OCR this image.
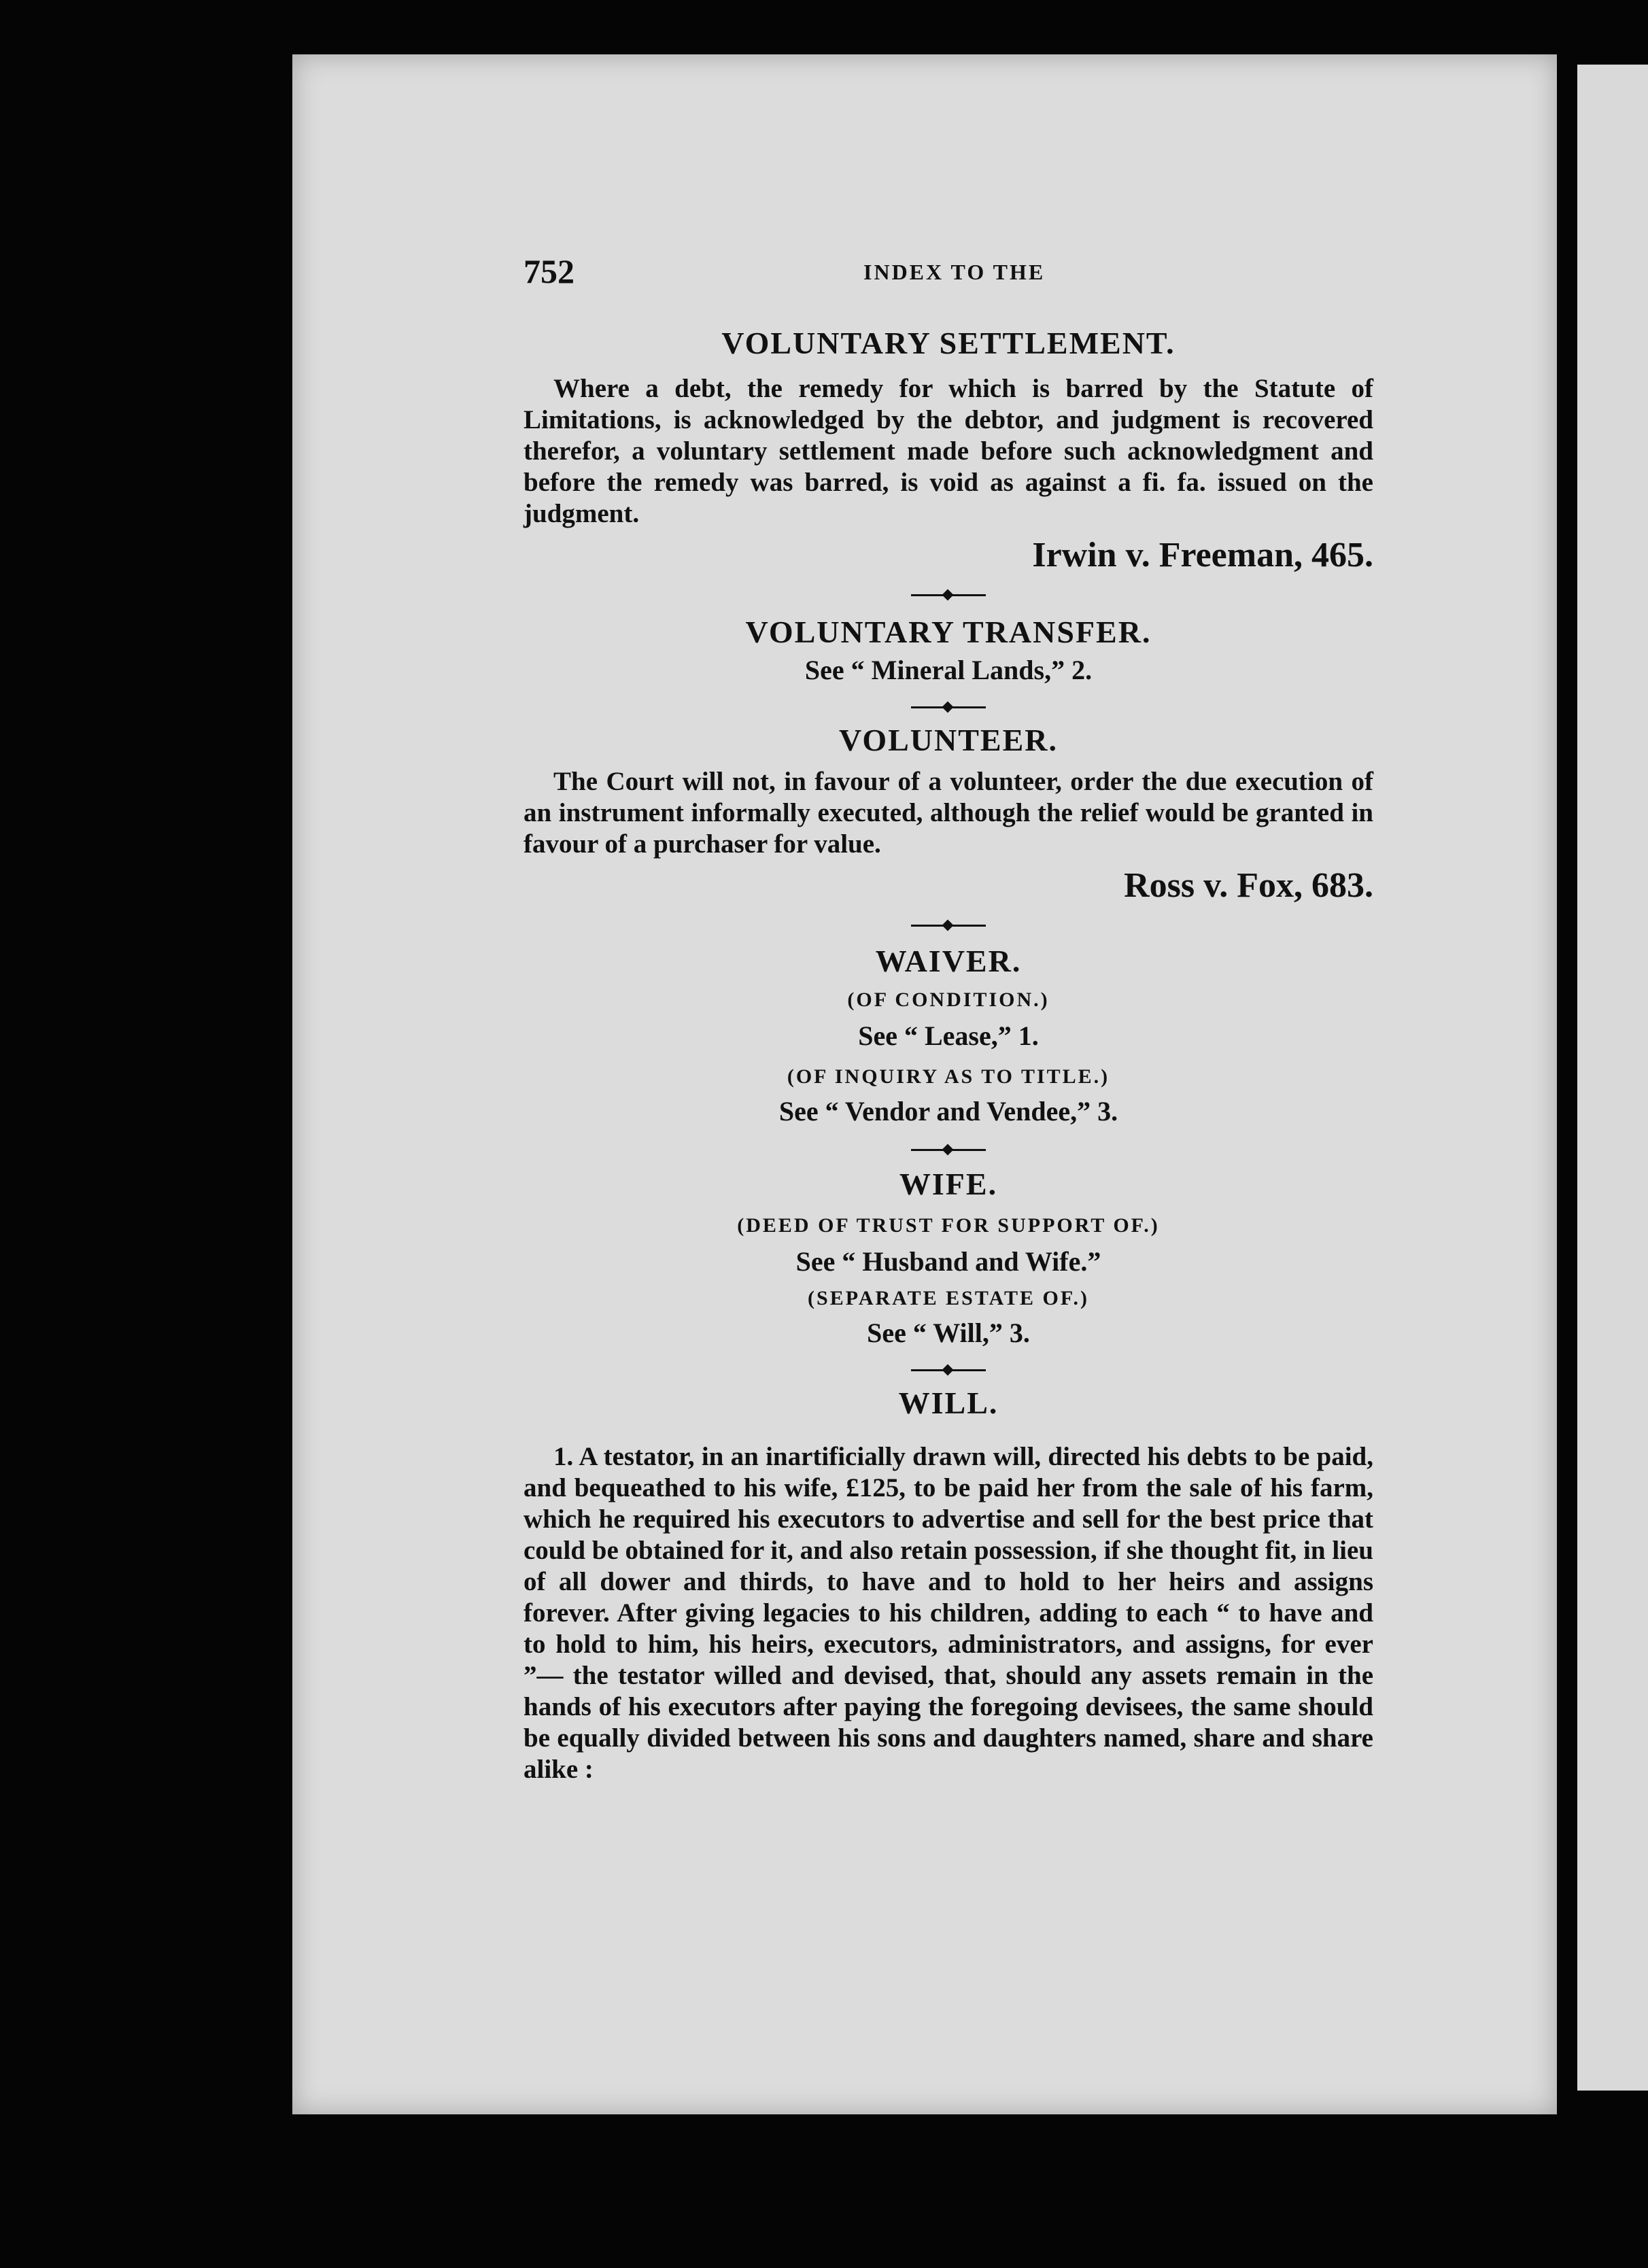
752	INDEX TO THE
VOLUNTARY SETTLEMENT.

Where a debt, the remedy for which is barred by the Statute of Limitations, is acknowledged by the debtor, and judgment is recovered therefor, a voluntary settlement made before such acknowledgment and before the remedy was barred, is void as against a fi. fa. issued on the judgment.

Irwin v. Freeman, 465.

VOLUNTARY TRANSFER.

See “ Mineral Lands,” 2.

VOLUNTEER.

The Court will not, in favour of a volunteer, order the due execution of an instrument informally executed, although the relief would be granted in favour of a purchaser for value.

Ross v. Fox, 683.

WAIVER.

(OF CONDITION.)

See “ Lease,” 1.

(OF INQUIRY AS TO TITLE.)

See “ Vendor and Vendee,” 3.

WIFE.

(DEED OF TRUST FOR SUPPORT OF.)

See “ Husband and Wife.”

(SEPARATE ESTATE OF.)

See “ Will,” 3.

WILL.

1. A testator, in an inartificially drawn will, directed his debts to be paid, and bequeathed to his wife, £125, to be paid her from the sale of his farm, which he required his executors to advertise and sell for the best price that could be obtained for it, and also retain possession, if she thought fit, in lieu of all dower and thirds, to have and to hold to her heirs and assigns forever. After giving legacies to his children, adding to each “ to have and to hold to him, his heirs, executors, administrators, and assigns, for ever ”— the testator willed and devised, that, should any assets remain in the hands of his executors after paying the foregoing devisees, the same should be equally divided between his sons and daughters named, share and share alike :
